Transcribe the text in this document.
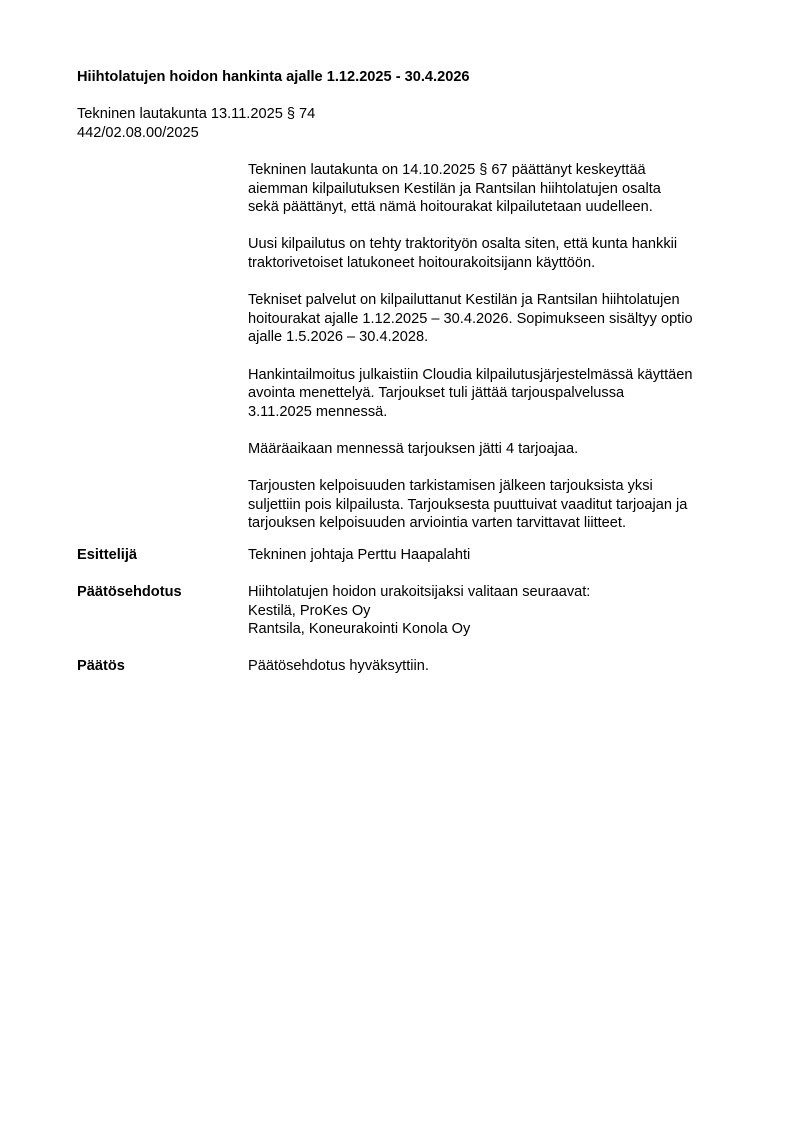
Hiihtolatujen hoidon hankinta ajalle 1.12.2025 - 30.4.2026
Tekninen lautakunta 13.11.2025 § 74
442/02.08.00/2025
Tekninen lautakunta on 14.10.2025 § 67 päättänyt keskeyttää
aiemman kilpailutuksen Kestilän ja Rantsilan hiihtolatujen osalta
sekä päättänyt, että nämä hoitourakat kilpailutetaan uudelleen.
Uusi kilpailutus on tehty traktorityön osalta siten, että kunta hankkii
traktorivetoiset latukoneet hoitourakoitsijann käyttöön.
Tekniset palvelut on kilpailuttanut Kestilän ja Rantsilan hiihtolatujen
hoitourakat ajalle 1.12.2025 – 30.4.2026. Sopimukseen sisältyy optio
ajalle 1.5.2026 – 30.4.2028.
Hankintailmoitus julkaistiin Cloudia kilpailutusjärjestelmässä käyttäen
avointa menettelyä. Tarjoukset tuli jättää tarjouspalvelussa
3.11.2025 mennessä.
Määräaikaan mennessä tarjouksen jätti 4 tarjoajaa.
Tarjousten kelpoisuuden tarkistamisen jälkeen tarjouksista yksi
suljettiin pois kilpailusta. Tarjouksesta puuttuivat vaaditut tarjoajan ja
tarjouksen kelpoisuuden arviointia varten tarvittavat liitteet.
Esittelijä	Tekninen johtaja Perttu Haapalahti
Päätösehdotus	Hiihtolatujen hoidon urakoitsijaksi valitaan seuraavat:
Kestilä, ProKes Oy
Rantsila, Koneurakointi Konola Oy
Päätös	Päätösehdotus hyväksyttiin.
